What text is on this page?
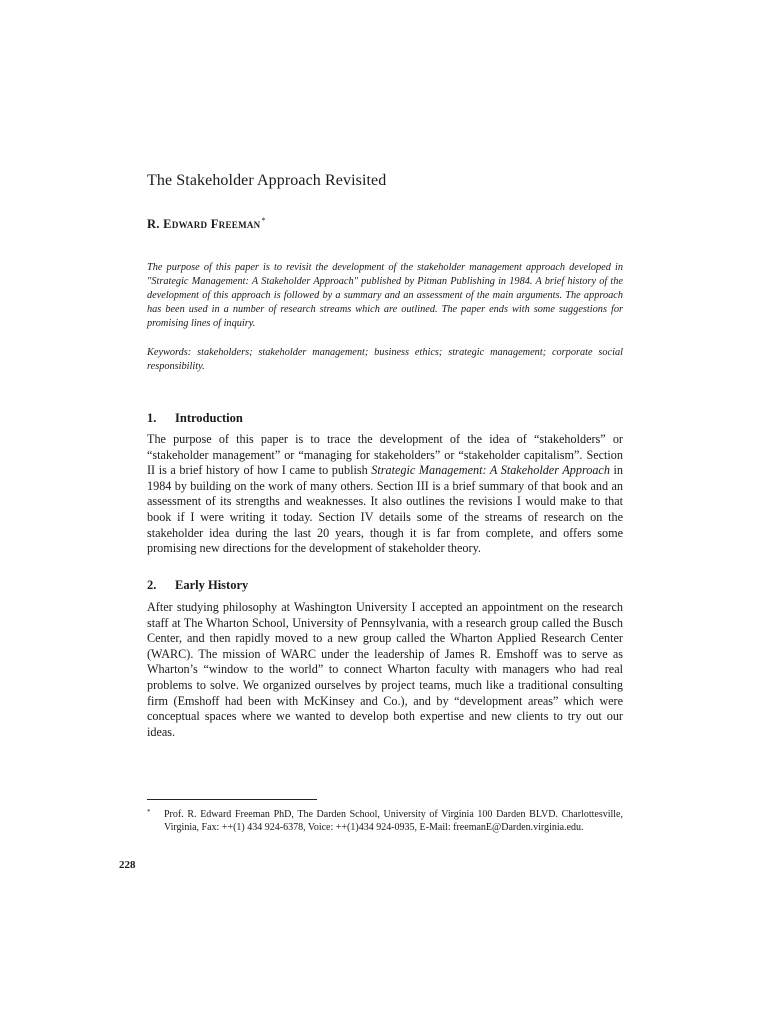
The Stakeholder Approach Revisited
R. Edward Freeman*

The purpose of this paper is to revisit the development of the stakeholder management approach developed in "Strategic Management: A Stakeholder Approach" published by Pitman Publishing in 1984. A brief history of the development of this approach is followed by a summary and an assessment of the main arguments. The approach has been used in a number of research streams which are outlined. The paper ends with some suggestions for promising lines of inquiry.

Keywords: stakeholders; stakeholder management; business ethics; strategic management; corporate social responsibility.

1. Introduction

The purpose of this paper is to trace the development of the idea of “stakeholders” or “stakeholder management” or “managing for stakeholders” or “stakeholder capitalism”. Section II is a brief history of how I came to publish Strategic Management: A Stakeholder Approach in 1984 by building on the work of many others. Section III is a brief summary of that book and an assessment of its strengths and weaknesses. It also outlines the revisions I would make to that book if I were writing it today. Section IV details some of the streams of research on the stakeholder idea during the last 20 years, though it is far from complete, and offers some promising new directions for the development of stakeholder theory.

2. Early History

After studying philosophy at Washington University I accepted an appointment on the research staff at The Wharton School, University of Pennsylvania, with a research group called the Busch Center, and then rapidly moved to a new group called the Wharton Applied Research Center (WARC). The mission of WARC under the leadership of James R. Emshoff was to serve as Wharton’s “window to the world” to connect Wharton faculty with managers who had real problems to solve. We organized ourselves by project teams, much like a traditional consulting firm (Emshoff had been with McKinsey and Co.), and by “development areas” which were conceptual spaces where we wanted to develop both expertise and new clients to try out our ideas.

* Prof. R. Edward Freeman PhD, The Darden School, University of Virginia 100 Darden BLVD. Charlottesville, Virginia, Fax: ++(1) 434 924-6378, Voice: ++(1)434 924-0935, E-Mail: freemanE@Darden.virginia.edu.
228
